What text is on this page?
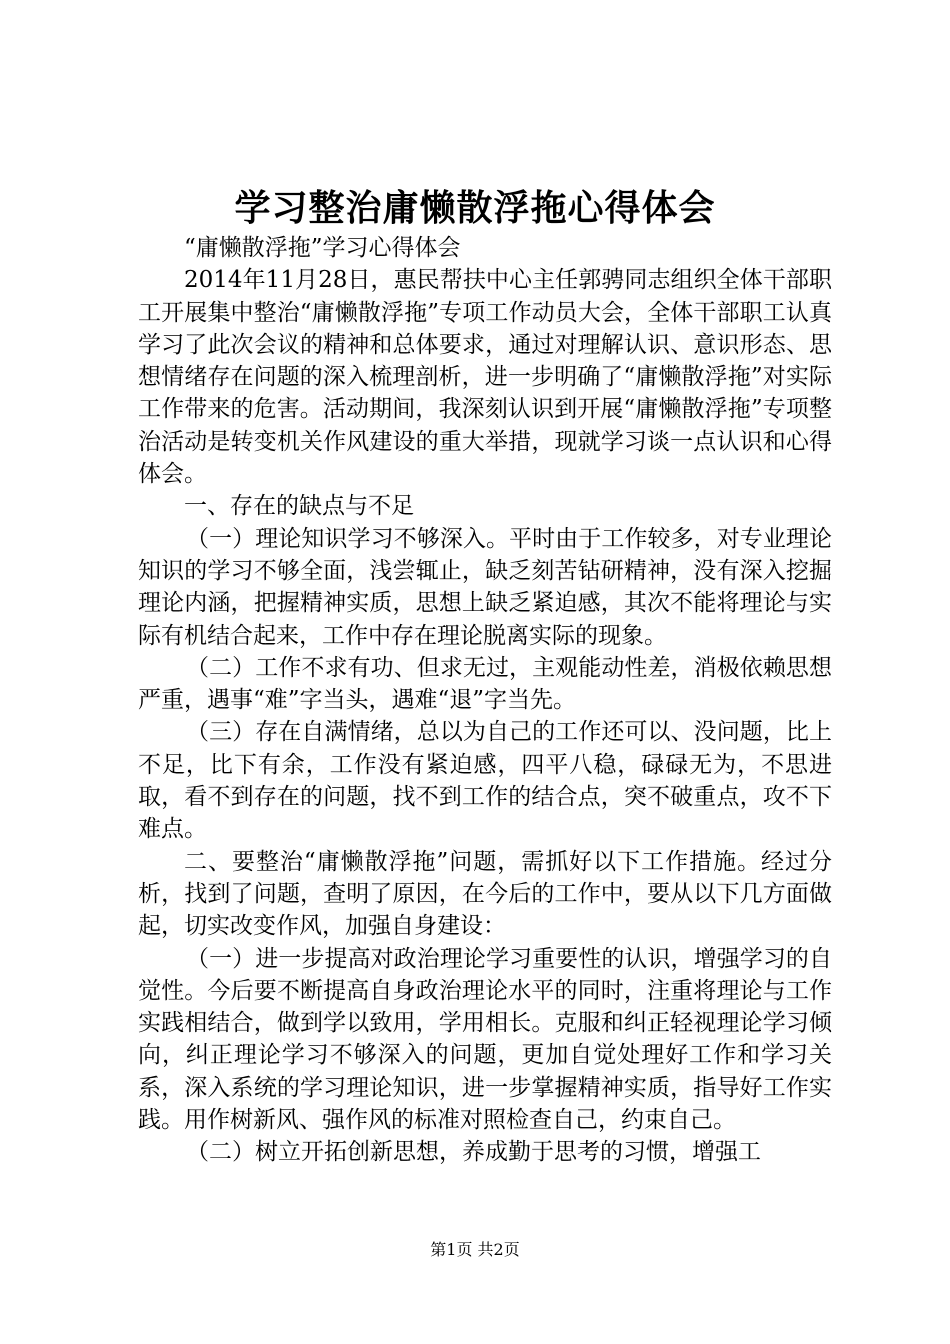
学习整治庸懒散浮拖心得体会

“庸懒散浮拖”学习心得体会

2014年11月28日，惠民帮扶中心主任郭骋同志组织全体干部职工开展集中整治“庸懒散浮拖”专项工作动员大会，全体干部职工认真学习了此次会议的精神和总体要求，通过对理解认识、意识形态、思想情绪存在问题的深入梳理剖析，进一步明确了“庸懒散浮拖”对实际工作带来的危害。活动期间，我深刻认识到开展“庸懒散浮拖”专项整治活动是转变机关作风建设的重大举措，现就学习谈一点认识和心得体会。

一、存在的缺点与不足

（一）理论知识学习不够深入。平时由于工作较多，对专业理论知识的学习不够全面，浅尝辄止，缺乏刻苦钻研精神，没有深入挖掘理论内涵，把握精神实质，思想上缺乏紧迫感，其次不能将理论与实际有机结合起来，工作中存在理论脱离实际的现象。

（二）工作不求有功、但求无过，主观能动性差，消极依赖思想严重，遇事“难”字当头，遇难“退”字当先。

（三）存在自满情绪，总以为自己的工作还可以、没问题，比上不足，比下有余，工作没有紧迫感，四平八稳，碌碌无为，不思进取，看不到存在的问题，找不到工作的结合点，突不破重点，攻不下难点。

二、要整治“庸懒散浮拖”问题，需抓好以下工作措施。经过分析，找到了问题，查明了原因，在今后的工作中，要从以下几方面做起，切实改变作风，加强自身建设：

（一）进一步提高对政治理论学习重要性的认识，增强学习的自觉性。今后要不断提高自身政治理论水平的同时，注重将理论与工作实践相结合，做到学以致用，学用相长。克服和纠正轻视理论学习倾向，纠正理论学习不够深入的问题，更加自觉处理好工作和学习关系，深入系统的学习理论知识，进一步掌握精神实质，指导好工作实践。用作树新风、强作风的标准对照检查自己，约束自己。

（二）树立开拓创新思想，养成勤于思考的习惯，增强工

第1页 共2页
